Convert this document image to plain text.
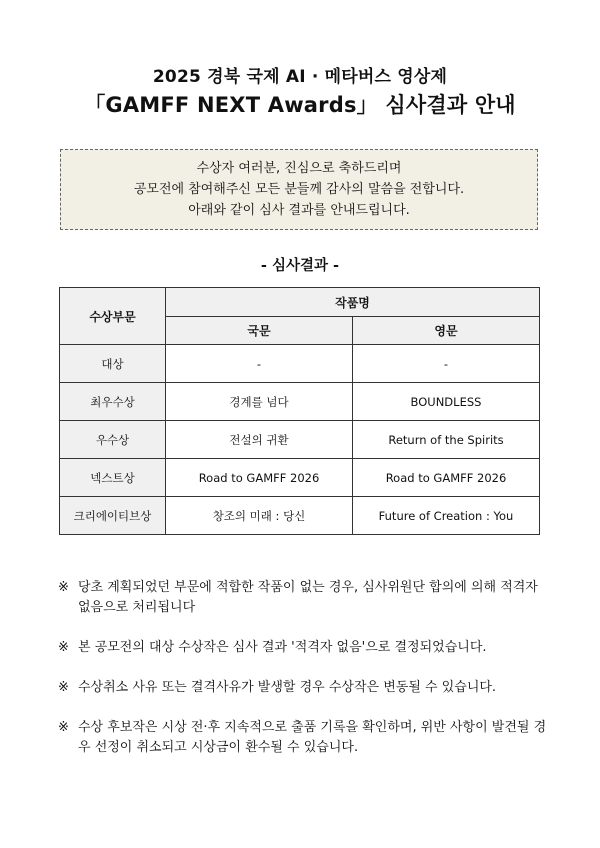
2025 경북 국제 AI · 메타버스 영상제
「GAMFF NEXT Awards」 심사결과 안내
수상자 여러분, 진심으로 축하드리며
공모전에 참여해주신 모든 분들께 감사의 말씀을 전합니다.
아래와 같이 심사 결과를 안내드립니다.
- 심사결과 -
수상부문	작품명	
	국문	영문
대상	-	-
최우수상	경계를 넘다	BOUNDLESS
우수상	전설의 귀환	Return of the Spirits
넥스트상	Road to GAMFF 2026	Road to GAMFF 2026
크리에이티브상	창조의 미래 : 당신	Future of Creation : You
※ 당초 계획되었던 부문에 적합한 작품이 없는 경우, 심사위원단 합의에 의해 적격자 없음으로 처리됩니다
※ 본 공모전의 대상 수상작은 심사 결과 '적격자 없음'으로 결정되었습니다.
※ 수상취소 사유 또는 결격사유가 발생할 경우 수상작은 변동될 수 있습니다.
※ 수상 후보작은 시상 전·후 지속적으로 출품 기록을 확인하며, 위반 사항이 발견될 경우 선정이 취소되고 시상금이 환수될 수 있습니다.
